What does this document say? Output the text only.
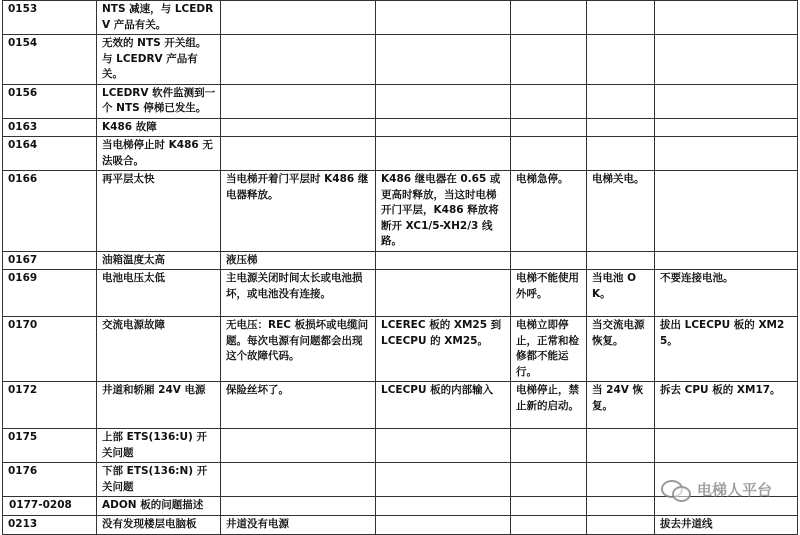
0153	NTS 减速，与 LCEDRV 产品有关。					
0154	无效的 NTS 开关组。与 LCEDRV 产品有关。					
0156	LCEDRV 软件监测到一个 NTS 停梯已发生。					
0163	K486 故障					
0164	当电梯停止时 K486 无法吸合。					
0166	再平层太快	当电梯开着门平层时 K486 继电器释放。	K486 继电器在 0.65 或更高时释放，当这时电梯开门平层，K486 释放将断开 XC1/5-XH2/3 线路。	电梯急停。	电梯关电。	
0167	油箱温度太高	液压梯				
0169	电池电压太低	主电源关闭时间太长或电池损坏，或电池没有连接。		电梯不能使用外呼。	当电池 OK。	不要连接电池。
0170	交流电源故障	无电压：REC 板损坏或电缆问题。每次电源有问题都会出现这个故障代码。	LCEREC 板的 XM25 到 LCECPU 的 XM25。	电梯立即停止，正常和检修都不能运行。	当交流电源恢复。	拔出 LCECPU 板的 XM25。
0172	井道和轿厢 24V 电源	保险丝坏了。	LCECPU 板的内部输入	电梯停止，禁止新的启动。	当 24V 恢复。	拆去 CPU 板的 XM17。
0175	上部 ETS(136:U) 开关问题					
0176	下部 ETS(136:N) 开关问题					
0177-0208	ADON 板的问题描述					
0213	没有发现楼层电脑板	井道没有电源				拔去井道线
电梯人平台
